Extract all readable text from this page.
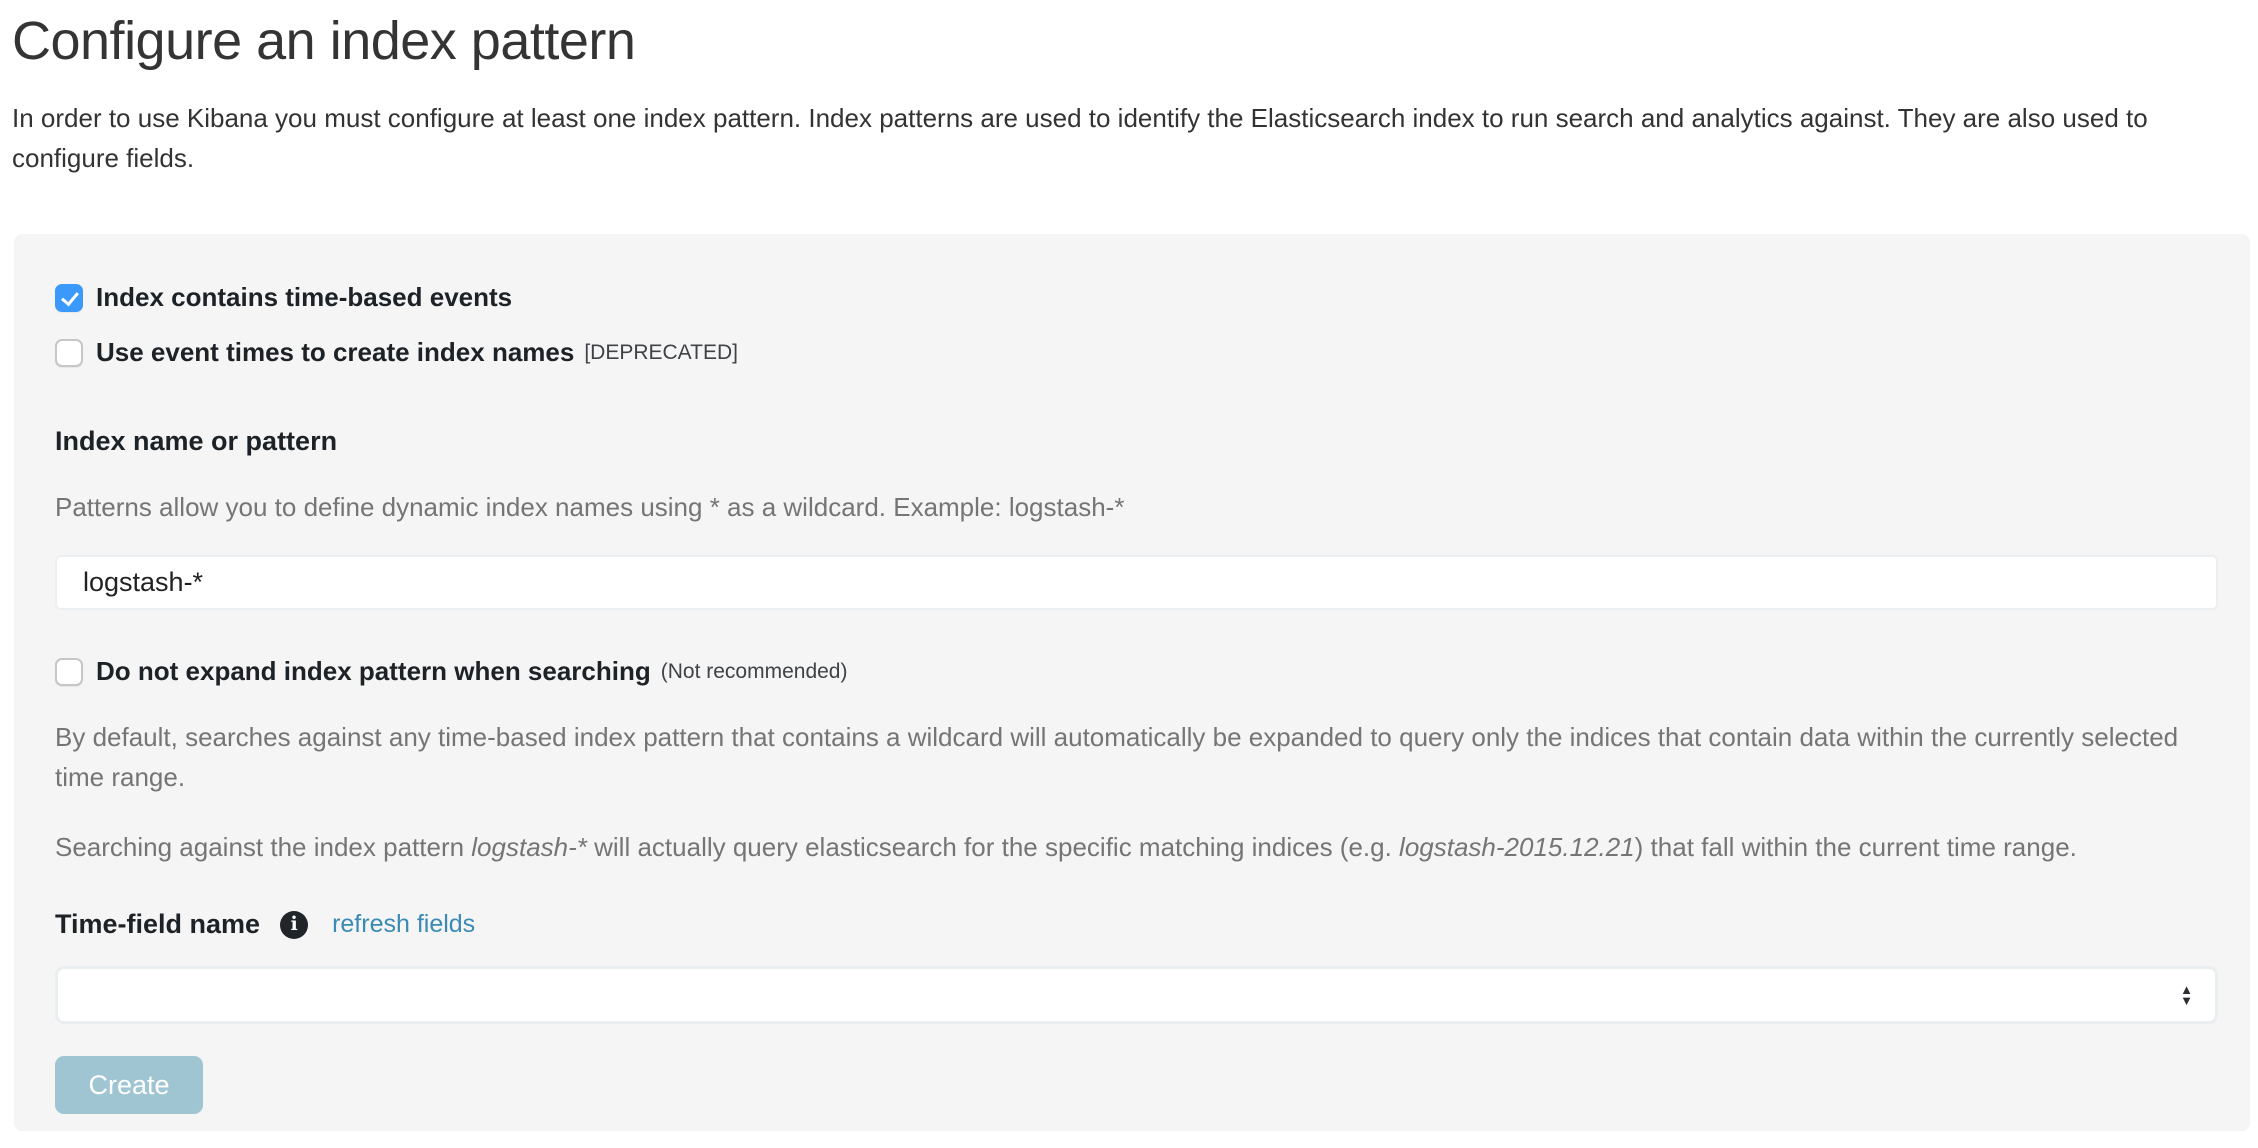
Configure an index pattern

In order to use Kibana you must configure at least one index pattern. Index patterns are used to identify the Elasticsearch index to run search and analytics against. They are also used to configure fields.

Index contains time-based events
Use event times to create index names [DEPRECATED]
Index name or pattern

Patterns allow you to define dynamic index names using * as a wildcard. Example: logstash-*

logstash-*
Do not expand index pattern when searching (Not recommended)

By default, searches against any time-based index pattern that contains a wildcard will automatically be expanded to query only the indices that contain data within the currently selected time range.

Searching against the index pattern logstash-* will actually query elasticsearch for the specific matching indices (e.g. logstash-2015.12.21) that fall within the current time range.

Time-field name i refresh fields
▲
▼
Create
